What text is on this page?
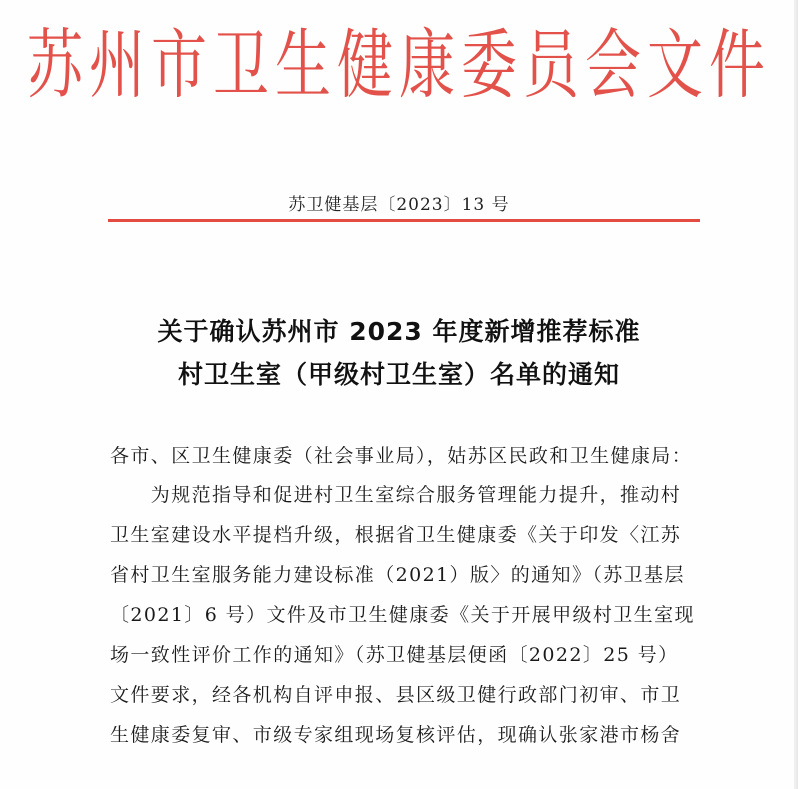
苏州市卫生健康委员会文件
苏卫健基层〔2023〕13 号
关于确认苏州市 2023 年度新增推荐标准
村卫生室（甲级村卫生室）名单的通知
各市、区卫生健康委（社会事业局），姑苏区民政和卫生健康局：
　　为规范指导和促进村卫生室综合服务管理能力提升，推动村
卫生室建设水平提档升级，根据省卫生健康委《关于印发〈江苏
省村卫生室服务能力建设标准（2021）版〉的通知》（苏卫基层
〔2021〕6 号）文件及市卫生健康委《关于开展甲级村卫生室现
场一致性评价工作的通知》（苏卫健基层便函〔2022〕25 号）
文件要求，经各机构自评申报、县区级卫健行政部门初审、市卫
生健康委复审、市级专家组现场复核评估，现确认张家港市杨舍
